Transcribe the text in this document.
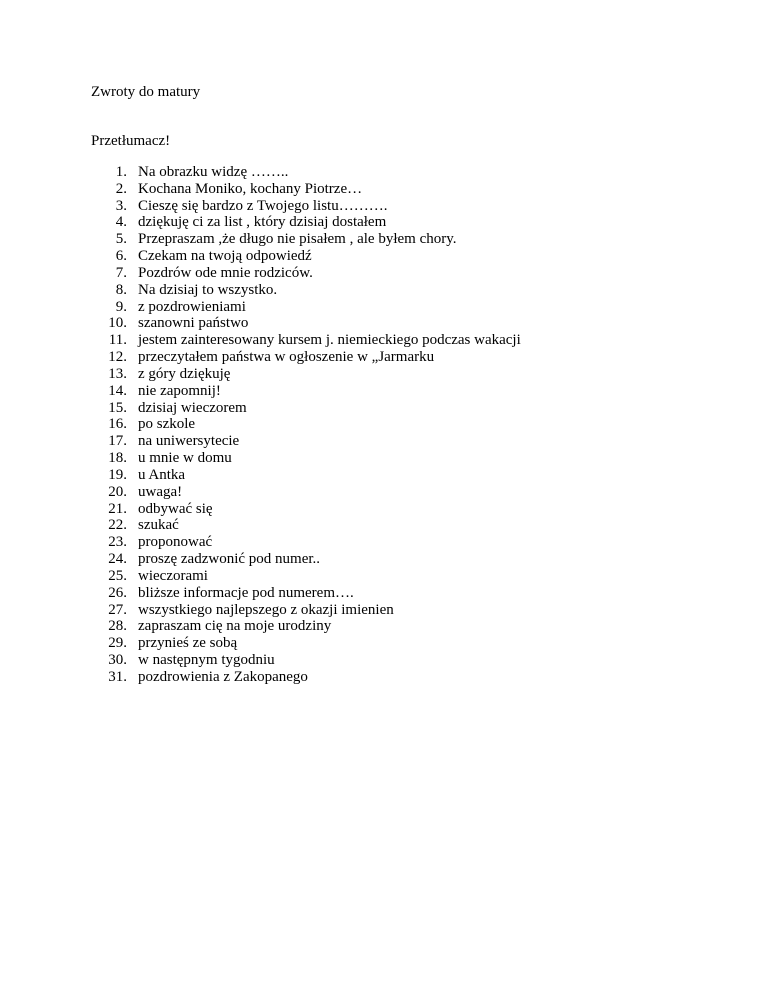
Zwroty do matury
Przetłumacz!
1. Na obrazku widzę ……..
2. Kochana Moniko, kochany Piotrze…
3. Cieszę się bardzo z Twojego listu……….
4. dziękuję ci za list , który dzisiaj dostałem
5. Przepraszam ,że długo nie pisałem , ale byłem chory.
6. Czekam na twoją odpowiedź
7. Pozdrów ode mnie rodziców.
8. Na dzisiaj to wszystko.
9. z pozdrowieniami
10. szanowni państwo
11. jestem zainteresowany kursem j. niemieckiego podczas wakacji
12. przeczytałem państwa w ogłoszenie w „Jarmarku
13. z góry dziękuję
14. nie zapomnij!
15. dzisiaj wieczorem
16. po szkole
17. na uniwersytecie
18. u mnie w domu
19. u Antka
20. uwaga!
21. odbywać się
22. szukać
23. proponować
24. proszę zadzwonić pod numer..
25. wieczorami
26. bliższe informacje pod numerem….
27. wszystkiego najlepszego z okazji imienien
28. zapraszam cię na moje urodziny
29. przynieś ze sobą
30. w następnym tygodniu
31. pozdrowienia z Zakopanego
